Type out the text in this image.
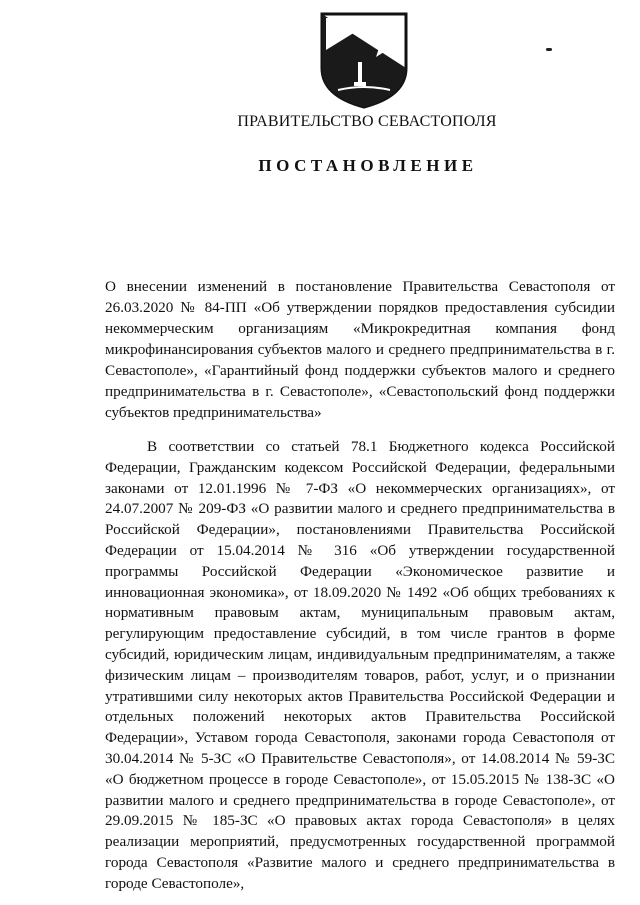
ПРАВИТЕЛЬСТВО СЕВАСТОПОЛЯ
ПОСТАНОВЛЕНИЕ
О внесении изменений в постановление Правительства Севастополя от 26.03.2020 № 84-ПП «Об утверждении порядков предоставления субсидии некоммерческим организациям «Микрокредитная компания фонд микрофинансирования субъектов малого и среднего предпринимательства в г. Севастополе», «Гарантийный фонд поддержки субъектов малого и среднего предпринимательства в г. Севастополе», «Севастопольский фонд поддержки субъектов предпринимательства»
В соответствии со статьей 78.1 Бюджетного кодекса Российской Федерации, Гражданским кодексом Российской Федерации, федеральными законами от 12.01.1996 № 7-ФЗ «О некоммерческих организациях», от 24.07.2007 № 209-ФЗ «О развитии малого и среднего предпринимательства в Российской Федерации», постановлениями Правительства Российской Федерации от 15.04.2014 № 316 «Об утверждении государственной программы Российской Федерации «Экономическое развитие и инновационная экономика», от 18.09.2020 № 1492 «Об общих требованиях к нормативным правовым актам, муниципальным правовым актам, регулирующим предоставление субсидий, в том числе грантов в форме субсидий, юридическим лицам, индивидуальным предпринимателям, а также физическим лицам – производителям товаров, работ, услуг, и о признании утратившими силу некоторых актов Правительства Российской Федерации и отдельных положений некоторых актов Правительства Российской Федерации», Уставом города Севастополя, законами города Севастополя от 30.04.2014 № 5-ЗС «О Правительстве Севастополя», от 14.08.2014 № 59-ЗС «О бюджетном процессе в городе Севастополе», от 15.05.2015 № 138-ЗС «О развитии малого и среднего предпринимательства в городе Севастополе», от 29.09.2015 № 185-ЗС «О правовых актах города Севастополя» в целях реализации мероприятий, предусмотренных государственной программой города Севастополя «Развитие малого и среднего предпринимательства в городе Севастополе»,
